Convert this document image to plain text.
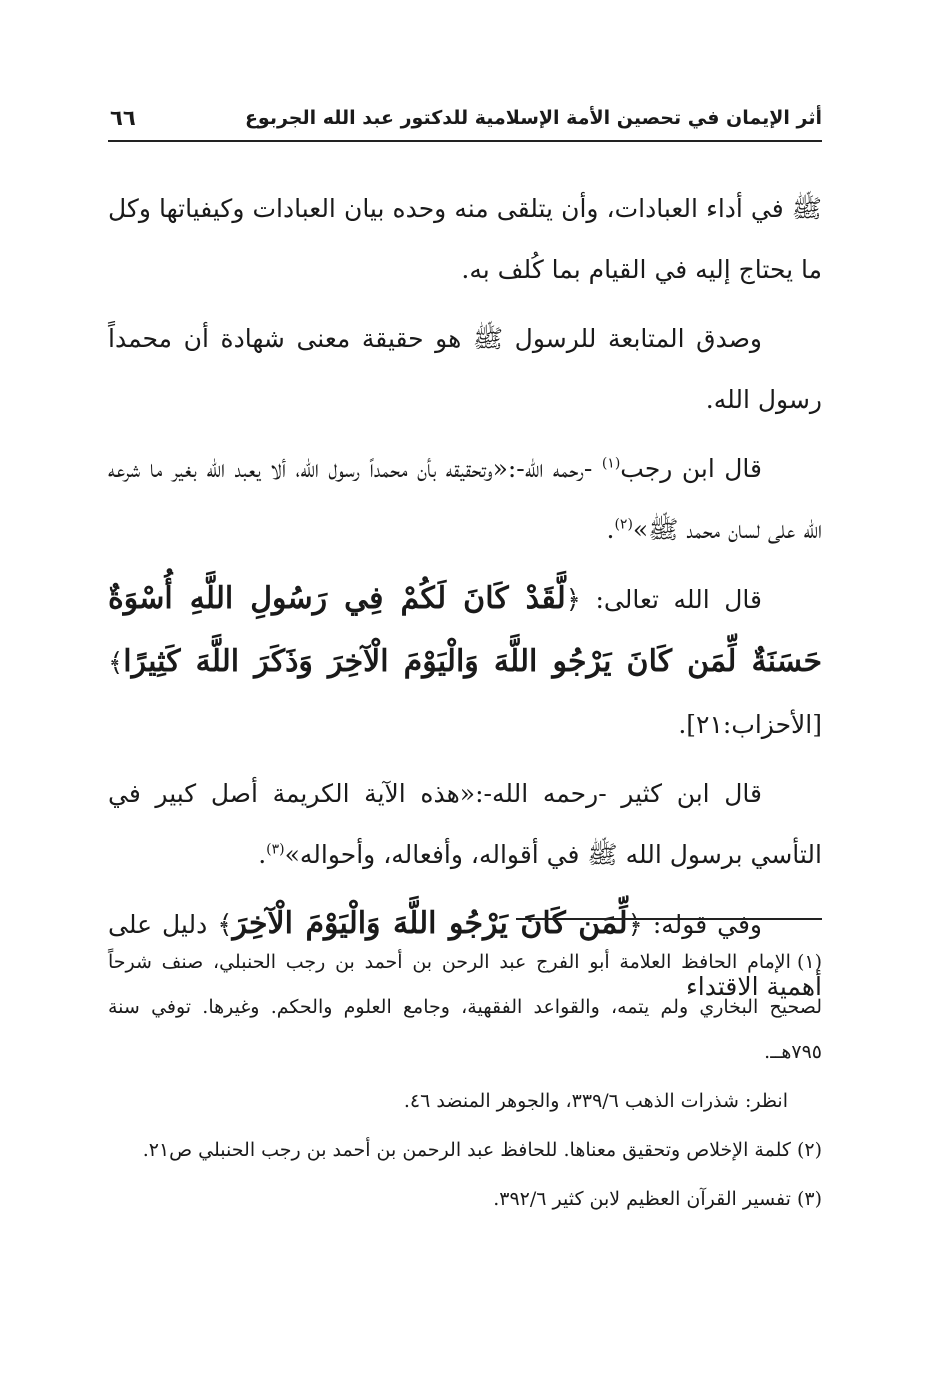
أثر الإيمان في تحصين الأمة الإسلامية للدكتور عبد الله الجربوع
٦٦

ﷺ في أداء العبادات، وأن يتلقى منه وحده بيان العبادات وكيفياتها وكل ما يحتاج إليه في القيام بما كُلف به.

وصدق المتابعة للرسول ﷺ هو حقيقة معنى شهادة أن محمداً رسول الله.

قال ابن رجب$^{(١)}$ -رحمه الله-:«وتحقيقه بأن محمداً رسول الله، ألا يعبد الله بغير ما شرعه الله على لسان محمد ﷺ»$^{(٢)}$.

قال الله تعالى: ﴿لَّقَدْ كَانَ لَكُمْ فِي رَسُولِ اللَّهِ أُسْوَةٌ حَسَنَةٌ لِّمَن كَانَ يَرْجُو اللَّهَ وَالْيَوْمَ الْآخِرَ وَذَكَرَ اللَّهَ كَثِيرًا﴾[الأحزاب:٢١].

قال ابن كثير -رحمه الله-:«هذه الآية الكريمة أصل كبير في التأسي برسول الله ﷺ في أقواله، وأفعاله، وأحواله»$^{(٣)}$.

وفي قوله: ﴿لِّمَن كَانَ يَرْجُو اللَّهَ وَالْيَوْمَ الْآخِرَ﴾ دليل على أهمية الاقتداء

(١)الإمام الحافظ العلامة أبو الفرج عبد الرحن بن أحمد بن رجب الحنبلي، صنف شرحاً لصحيح البخاري ولم يتمه، والقواعد الفقهية، وجامع العلوم والحكم. وغيرها. توفي سنة ٧٩٥هــ.

انظر: شذرات الذهب ٣٣٩/٦، والجوهر المنضد ٤٦.

(٢)كلمة الإخلاص وتحقيق معناها. للحافظ عبد الرحمن بن أحمد بن رجب الحنبلي ص٢١.

(٣)تفسير القرآن العظيم لابن كثير ٣٩٢/٦.
